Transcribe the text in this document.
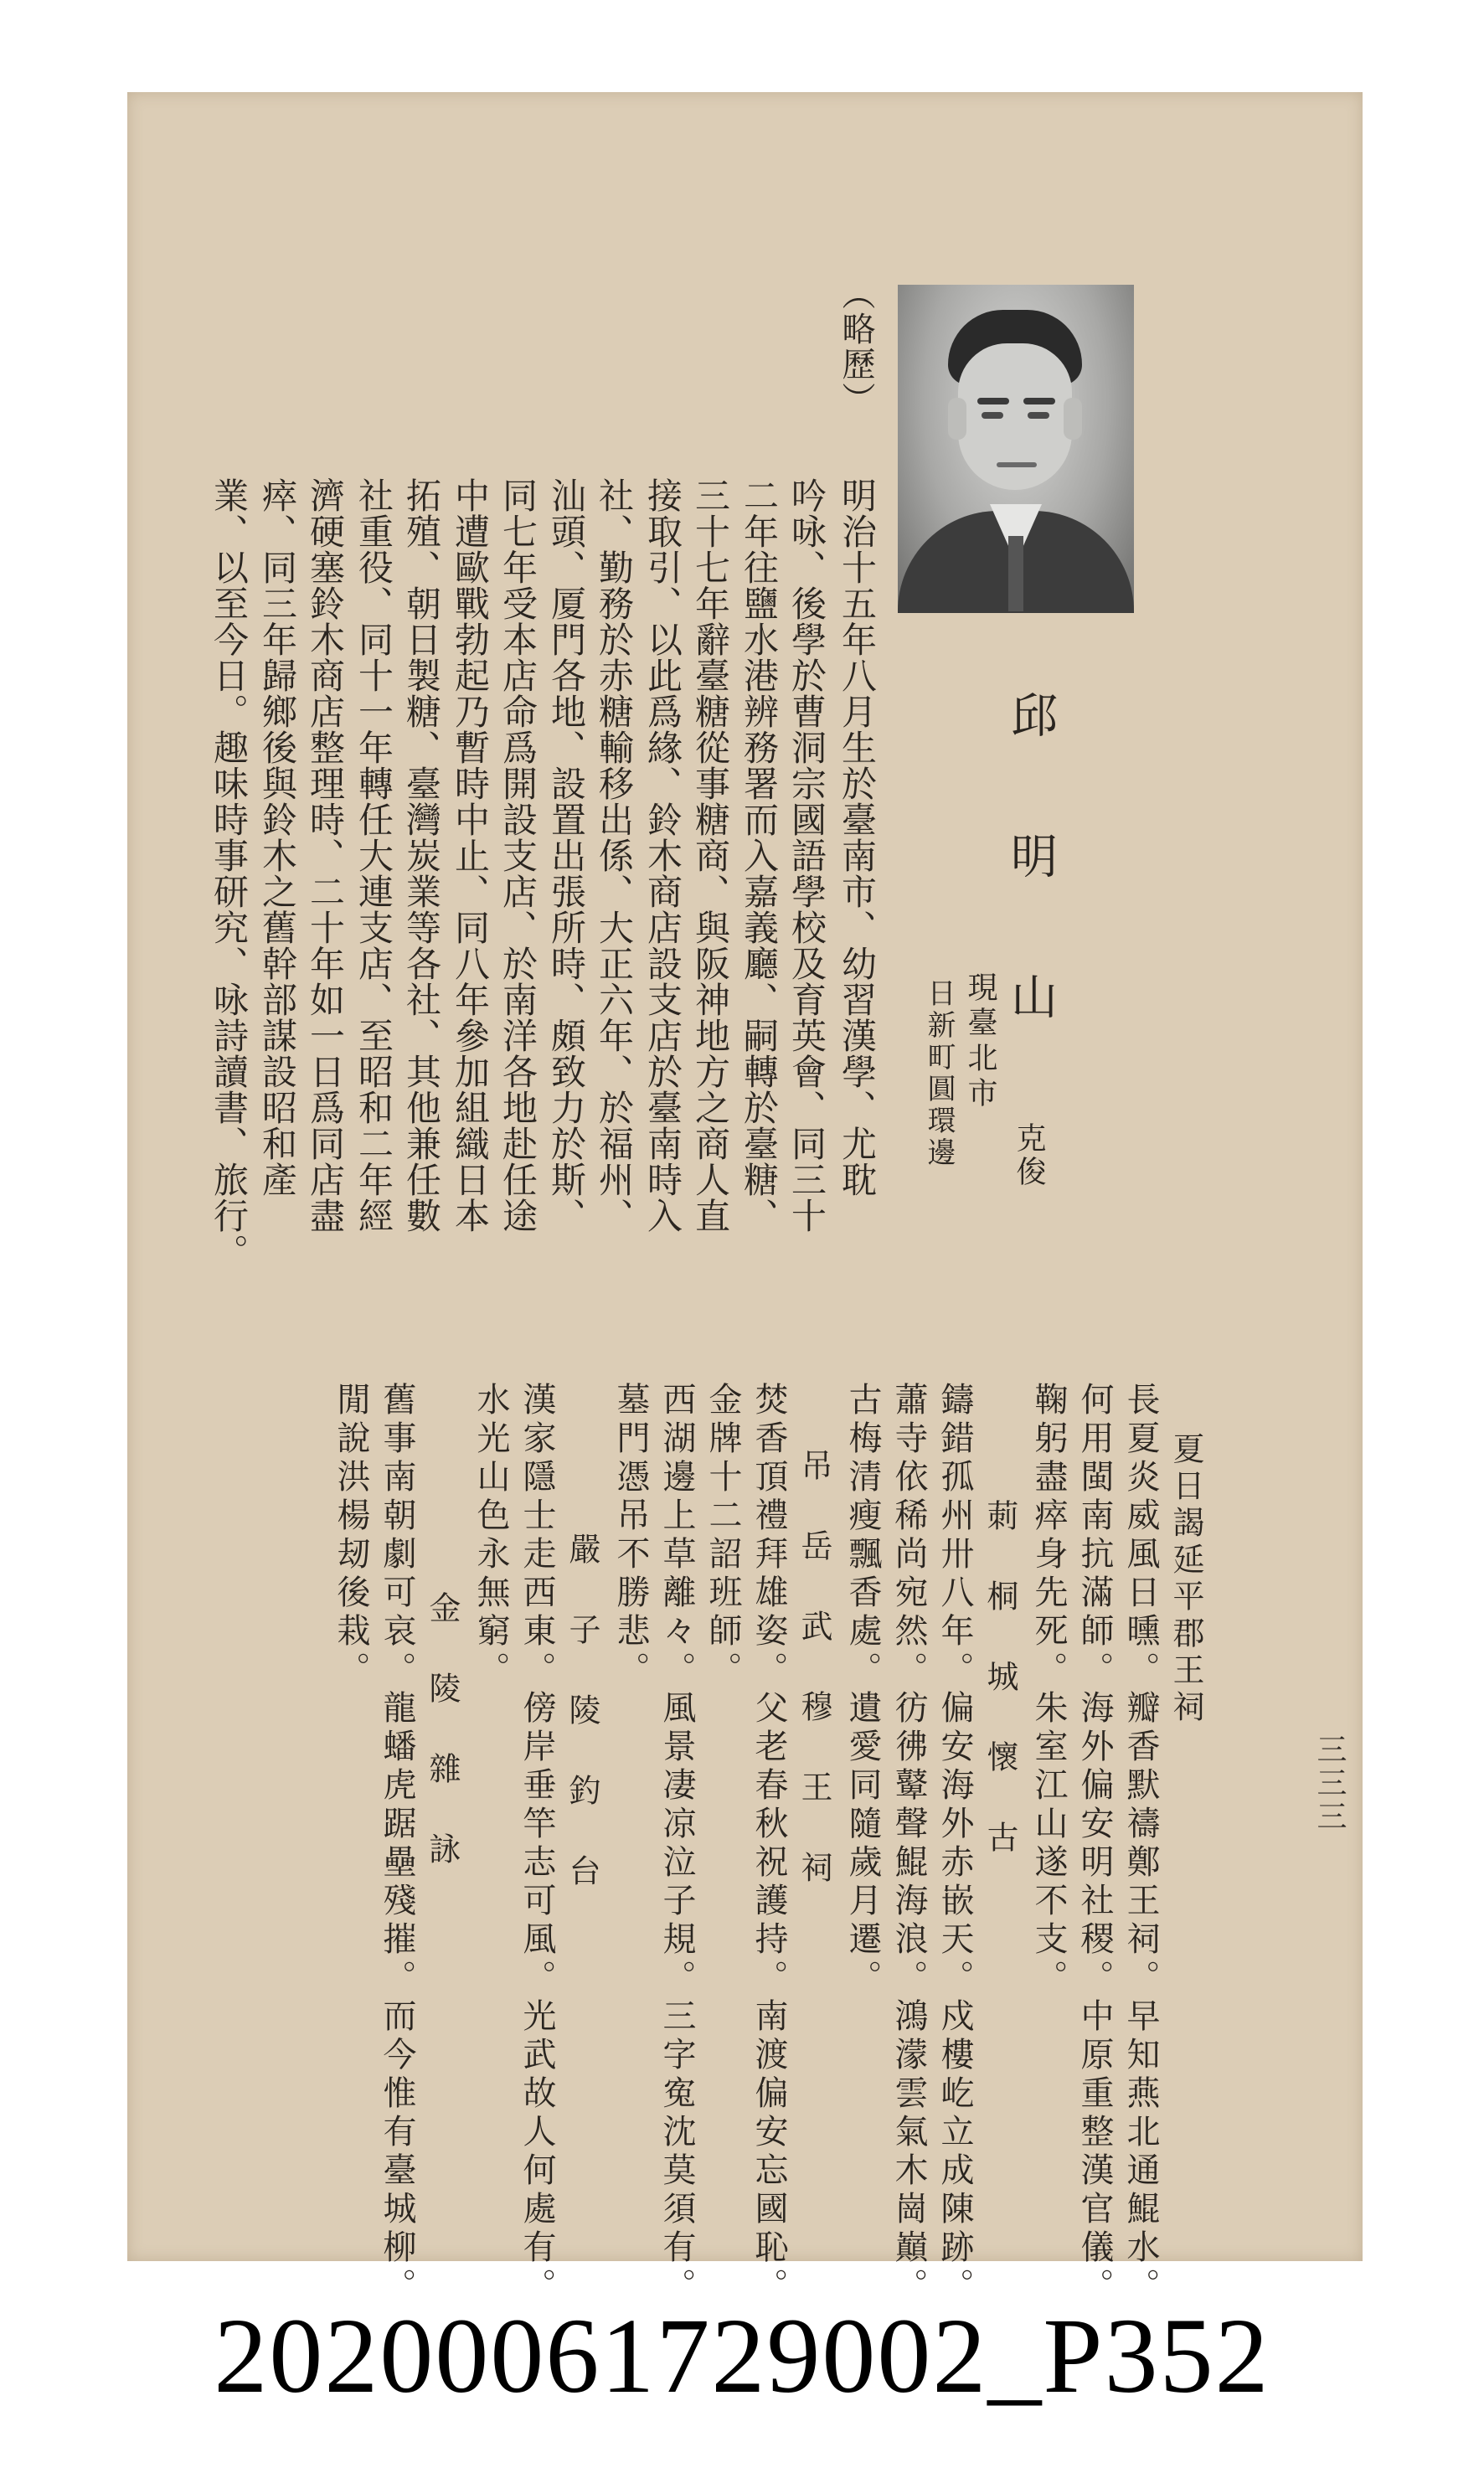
三三三
邱　明　山
克俊
現臺北市
日新町圓環邊
（略歷）
明治十五年八月生於臺南市、幼習漢學、尤耽
吟咏、後學於曹洞宗國語學校及育英會、同三十
二年往鹽水港辨務署而入嘉義廳、嗣轉於臺糖、
三十七年辭臺糖從事糖商、與阪神地方之商人直
接取引、以此爲緣、鈴木商店設支店於臺南時入
社、勤務於赤糖輸移出係、大正六年、於福州、
汕頭、厦門各地、設置出張所時、頗致力於斯、
同七年受本店命爲開設支店、於南洋各地赴任途
中遭歐戰勃起乃暫時中止、同八年參加組織日本
拓殖、朝日製糖、臺灣炭業等各社、其他兼任數
社重役、同十一年轉任大連支店、至昭和二年經
濟硬塞鈴木商店整理時、二十年如一日爲同店盡
瘁、同三年歸鄉後與鈴木之舊幹部謀設昭和產
業、以至今日。趣味時事研究、咏詩讀書、旅行。
夏日謁延平郡王祠
長夏炎威風日曛。瓣香默禱鄭王祠。早知燕北通鯤水。
何用閩南抗滿師。海外偏安明社稷。中原重整漢官儀。
鞠躬盡瘁身先死。朱室江山遂不支。
莿　桐　城　懷　古
鑄錯孤州卅八年。偏安海外赤嵌天。戍樓屹立成陳跡。
蕭寺依稀尚宛然。彷彿鼙聲鯤海浪。鴻濛雲氣木崗巔。
古梅清瘦飄香處。遺愛同隨歲月遷。
吊　岳　武　穆　王　祠
焚香頂禮拜雄姿。父老春秋祝護持。南渡偏安忘國恥。
金牌十二詔班師。
西湖邊上草離々。風景凄凉泣子規。三字寃沈莫須有。
墓門憑吊不勝悲。
嚴　子　陵　釣　台
漢家隱士走西東。傍岸垂竿志可風。光武故人何處有。
水光山色永無窮。
金　陵　雜　詠
舊事南朝劇可哀。龍蟠虎踞壘殘摧。而今惟有臺城柳。
閒說洪楊刼後栽。
20200061729002_P352
